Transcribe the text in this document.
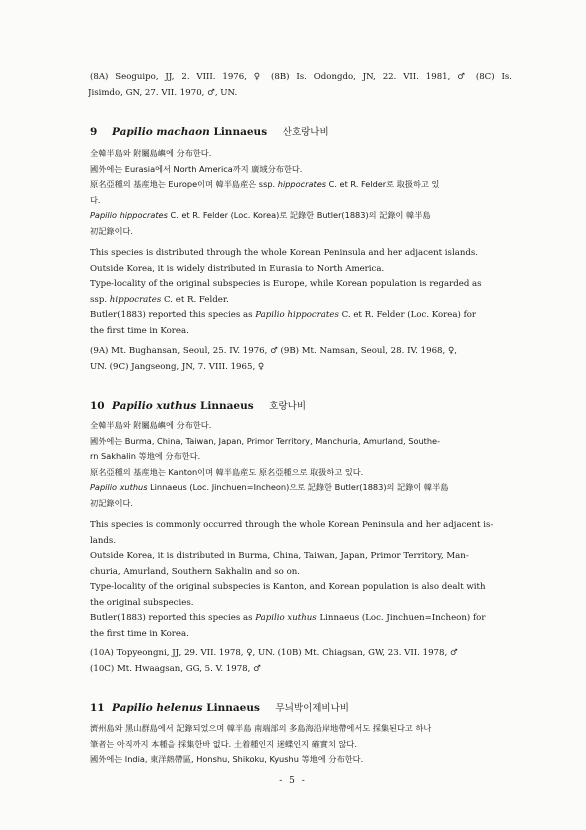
(8A) Seoguipo, JJ, 2. VIII. 1976, ♀ (8B) Is. Odongdo, JN, 22. VII. 1981, ♂ (8C) Is.
Jisimdo, GN, 27. VII. 1970, ♂, UN.
9 Papilio machaon Linnaeus 산호랑나비
全韓半島와 附屬島嶼에 分布한다.
國外에는 Eurasia에서 North America까지 廣域分布한다.
原名亞種의 基産地는 Europe이며 韓半島産은 ssp. hippocrates C. et R. Felder로 取扱하고 있
다.
Papilio hippocrates C. et R. Felder (Loc. Korea)로 記錄한 Butler(1883)의 記錄이 韓半島
初記錄이다.
This species is distributed through the whole Korean Peninsula and her adjacent islands.
Outside Korea, it is widely distributed in Eurasia to North America.
Type-locality of the original subspecies is Europe, while Korean population is regarded as
ssp. hippocrates C. et R. Felder.
Butler(1883) reported this species as Papilio hippocrates C. et R. Felder (Loc. Korea) for
the first time in Korea.
(9A) Mt. Bughansan, Seoul, 25. IV. 1976, ♂ (9B) Mt. Namsan, Seoul, 28. IV. 1968, ♀,
UN. (9C) Jangseong, JN, 7. VIII. 1965, ♀
10 Papilio xuthus Linnaeus 호랑나비
全韓半島와 附屬島嶼에 分布한다.
國外에는 Burma, China, Taiwan, Japan, Primor Territory, Manchuria, Amurland, Southe-
rn Sakhalin 等地에 分布한다.
原名亞種의 基産地는 Kanton이며 韓半島産도 原名亞種으로 取扱하고 있다.
Papilio xuthus Linnaeus (Loc. Jinchuen=Incheon)으로 記錄한 Butler(1883)의 記錄이 韓半島
初記錄이다.
This species is commonly occurred through the whole Korean Peninsula and her adjacent is-
lands.
Outside Korea, it is distributed in Burma, China, Taiwan, Japan, Primor Territory, Man-
churia, Amurland, Southern Sakhalin and so on.
Type-locality of the original subspecies is Kanton, and Korean population is also dealt with
the original subspecies.
Butler(1883) reported this species as Papilio xuthus Linnaeus (Loc. Jinchuen=Incheon) for
the first time in Korea.
(10A) Topyeongni, JJ, 29. VII. 1978, ♀, UN. (10B) Mt. Chiagsan, GW, 23. VII. 1978, ♂
(10C) Mt. Hwaagsan, GG, 5. V. 1978, ♂
11 Papilio helenus Linnaeus 무늬박이제비나비
濟州島와 黑山群島에서 記錄되었으며 韓半島 南端部의 多島海沿岸地帶에서도 採集된다고 하나
筆者는 아직까지 本種을 採集한바 없다. 土着種인지 迷蝶인지 確實치 않다.
國外에는 India, 東洋熱帶區, Honshu, Shikoku, Kyushu 等地에 分布한다.
- 5 -
